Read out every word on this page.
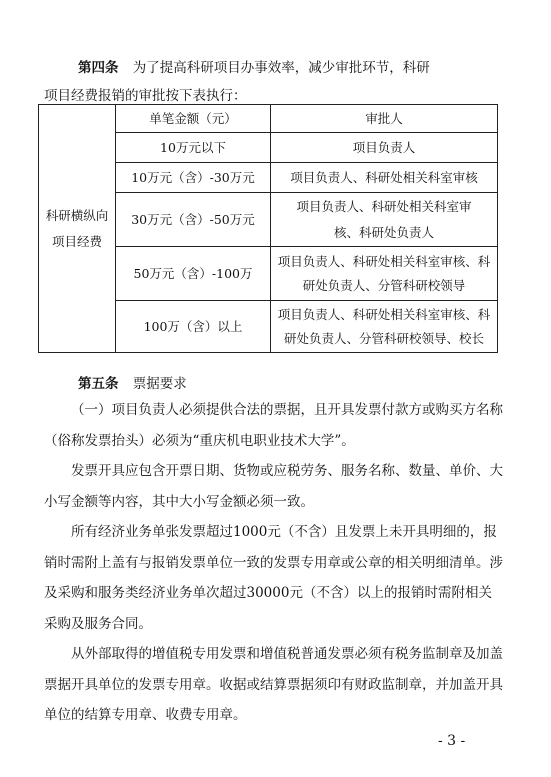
第四条 为了提高科研项目办事效率，减少审批环节，科研
项目经费报销的审批按下表执行：
科研横纵向项目经费	单笔金额（元）	审批人
	10万元以下	项目负责人
	10万元（含）-30万元	项目负责人、科研处相关科室审核
	30万元（含）-50万元	项目负责人、科研处相关科室审核、科研处负责人
	50万元（含）-100万	项目负责人、科研处相关科室审核、科研处负责人、分管科研校领导
	100万（含）以上	项目负责人、科研处相关科室审核、科研处负责人、分管科研校领导、校长
第五条 票据要求

（一）项目负责人必须提供合法的票据，且开具发票付款方或购买方名称（俗称发票抬头）必须为“重庆机电职业技术大学”。

发票开具应包含开票日期、货物或应税劳务、服务名称、数量、单价、大小写金额等内容，其中大小写金额必须一致。

所有经济业务单张发票超过1000元（不含）且发票上未开具明细的，报销时需附上盖有与报销发票单位一致的发票专用章或公章的相关明细清单。涉及采购和服务类经济业务单次超过30000元（不含）以上的报销时需附相关采购及服务合同。

从外部取得的增值税专用发票和增值税普通发票必须有税务监制章及加盖票据开具单位的发票专用章。收据或结算票据须印有财政监制章，并加盖开具单位的结算专用章、收费专用章。

- 3 -
